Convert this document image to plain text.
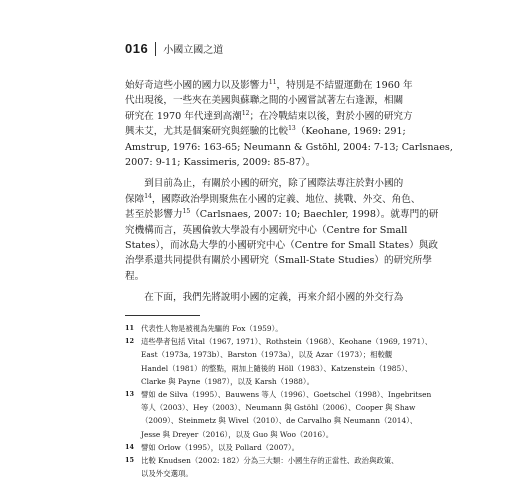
016 小國立國之道

始好奇這些小國的國力以及影響力$^{11}$，特別是不結盟運動在 1960 年
代出現後，一些夾在美國與蘇聯之間的小國嘗試著左右逢源，相關
研究在 1970 年代達到高潮$^{12}$；在冷戰結束以後，對於小國的研究方
興未艾，尤其是個案研究與經驗的比較$^{13}$（Keohane, 1969: 291;
Amstrup, 1976: 163-65; Neumann & Gstöhl, 2004: 7-13; Carlsnaes,
2007: 9-11; Kassimeris, 2009: 85-87）。

到目前為止，有關於小國的研究，除了國際法專注於對小國的
保障$^{14}$，國際政治學則聚焦在小國的定義、地位、挑戰、外交、角色、
甚至於影響力$^{15}$（Carlsnaes, 2007: 10; Baechler, 1998）。就專門的研
究機構而言，英國倫敦大學設有小國研究中心（Centre for Small
States），而冰島大學的小國研究中心（Centre for Small States）與政
治學系還共同提供有關於小國研究（Small-State Studies）的研究所學
程。

在下面，我們先將說明小國的定義，再來介紹小國的外交行為

11 代表性人物是被視為先驅的 Fox（1959）。
12 這些學者包括 Vital（1967, 1971）、Rothstein（1968）、Keohane（1969, 1971）、
East（1973a, 1973b）、Barston（1973a），以及 Azar（1973）；相較觀
Handel（1981）的整點，兩加上隨後的 Höll（1983）、Katzenstein（1985）、
Clarke 與 Payne（1987），以及 Karsh（1988）。
13 譬如 de Silva（1995）、Bauwens 等人（1996）、Goetschel（1998）、Ingebritsen
等人（2003）、Hey（2003）、Neumann 與 Gstöhl（2006）、Cooper 與 Shaw
（2009）、Steinmetz 與 Wivel（2010）、de Carvalho 與 Neumann（2014）、
Jesse 與 Dreyer（2016），以及 Guo 與 Woo（2016）。
14 譬如 Orlow（1995），以及 Pollard（2007）。
15 比較 Knudsen（2002: 182）分為三大類：小國生存的正當性、政治與政策、
以及外交選項。
